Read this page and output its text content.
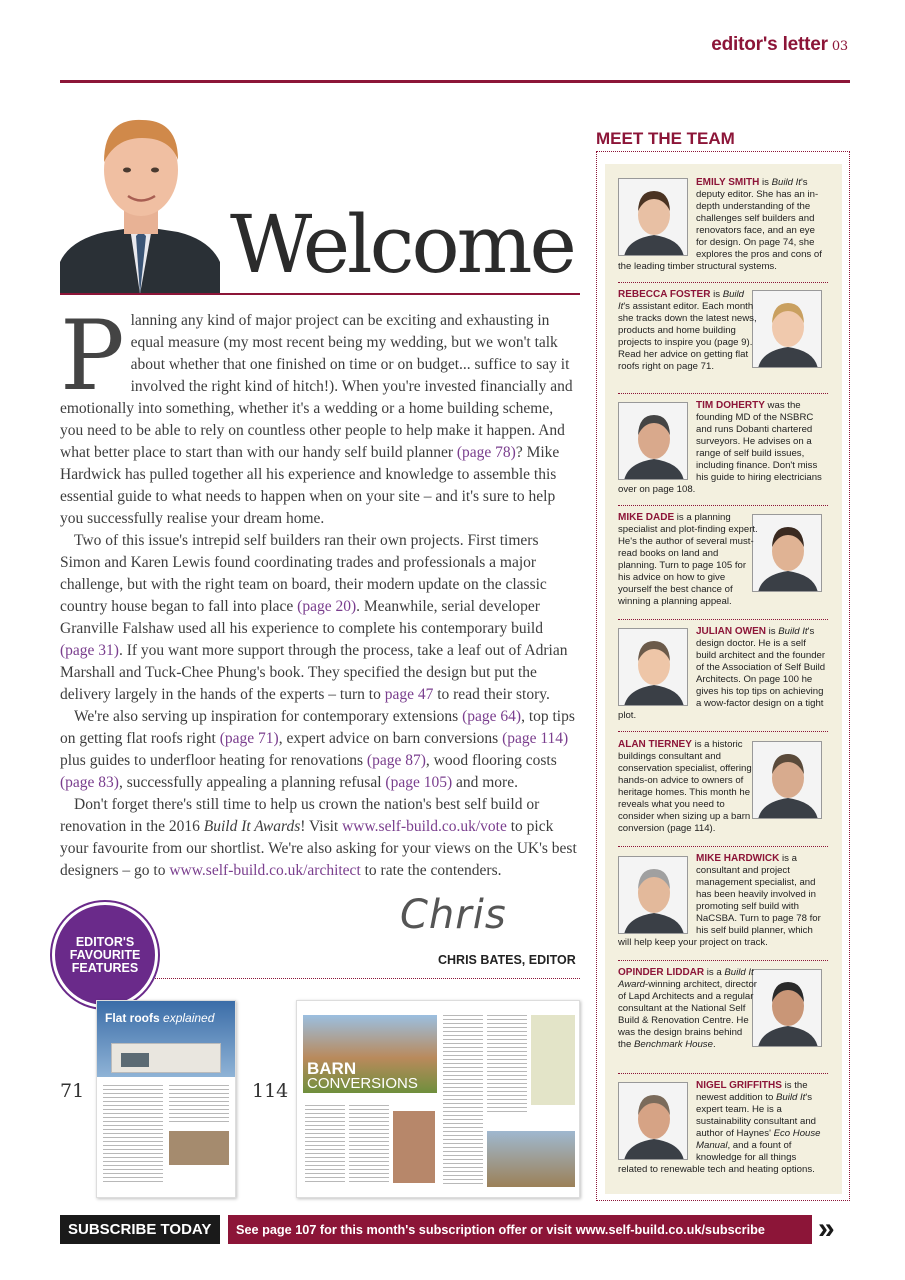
editor's letter 03
Welcome

Planning any kind of major project can be exciting and exhausting in equal measure (my most recent being my wedding, but we won't talk about whether that one finished on time or on budget... suffice to say it involved the right kind of hitch!). When you're invested financially and emotionally into something, whether it's a wedding or a home building scheme, you need to be able to rely on countless other people to help make it happen. And what better place to start than with our handy self build planner (page 78)? Mike Hardwick has pulled together all his experience and knowledge to assemble this essential guide to what needs to happen when on your site – and it's sure to help you successfully realise your dream home.

Two of this issue's intrepid self builders ran their own projects. First timers Simon and Karen Lewis found coordinating trades and professionals a major challenge, but with the right team on board, their modern update on the classic country house began to fall into place (page 20). Meanwhile, serial developer Granville Falshaw used all his experience to complete his contemporary build (page 31). If you want more support through the process, take a leaf out of Adrian Marshall and Tuck-Chee Phung's book. They specified the design but put the delivery largely in the hands of the experts – turn to page 47 to read their story.

We're also serving up inspiration for contemporary extensions (page 64), top tips on getting flat roofs right (page 71), expert advice on barn conversions (page 114) plus guides to underfloor heating for renovations (page 87), wood flooring costs (page 83), successfully appealing a planning refusal (page 105) and more.

Don't forget there's still time to help us crown the nation's best self build or renovation in the 2016 Build It Awards! Visit www.self-build.co.uk/vote to pick your favourite from our shortlist. We're also asking for your views on the UK's best designers – go to www.self-build.co.uk/architect to rate the contenders.

Chris
CHRIS BATES, EDITOR
EDITOR'S
FAVOURITE
FEATURES
71
Flat roofs explained
114
BARN
CONVERSIONS
MEET THE TEAM
EMILY SMITH is Build It's deputy editor. She has an in-depth understanding of the challenges self builders and renovators face, and an eye for design. On page 74, she explores the pros and cons of the leading timber structural systems.
REBECCA FOSTER is Build It's assistant editor. Each month she tracks down the latest news, products and home building projects to inspire you (page 9). Read her advice on getting flat roofs right on page 71.
TIM DOHERTY was the founding MD of the NSBRC and runs Dobanti chartered surveyors. He advises on a range of self build issues, including finance. Don't miss his guide to hiring electricians over on page 108.
MIKE DADE is a planning specialist and plot-finding expert. He's the author of several must-read books on land and planning. Turn to page 105 for his advice on how to give yourself the best chance of winning a planning appeal.
JULIAN OWEN is Build It's design doctor. He is a self build architect and the founder of the Association of Self Build Architects. On page 100 he gives his top tips on achieving a wow-factor design on a tight plot.
ALAN TIERNEY is a historic buildings consultant and conservation specialist, offering hands-on advice to owners of heritage homes. This month he reveals what you need to consider when sizing up a barn conversion (page 114).
MIKE HARDWICK is a consultant and project management specialist, and has been heavily involved in promoting self build with NaCSBA. Turn to page 78 for his self build planner, which will help keep your project on track.
OPINDER LIDDAR is a Build It Award-winning architect, director of Lapd Architects and a regular consultant at the National Self Build & Renovation Centre. He was the design brains behind the Benchmark House.
NIGEL GRIFFITHS is the newest addition to Build It's expert team. He is a sustainability consultant and author of Haynes' Eco House Manual, and a fount of knowledge for all things related to renewable tech and heating options.
SUBSCRIBE TODAY	See page 107 for this month's subscription offer or visit www.self-build.co.uk/subscribe »
